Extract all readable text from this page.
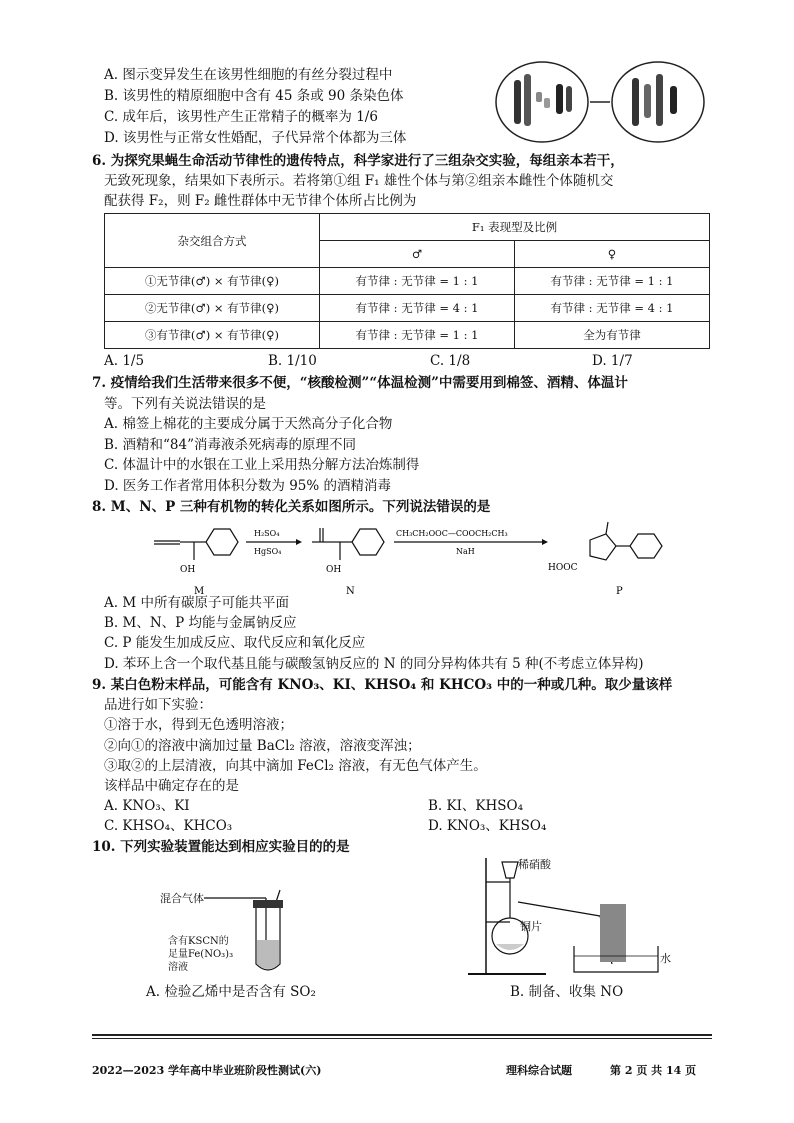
A. 图示变异发生在该男性细胞的有丝分裂过程中
B. 该男性的精原细胞中含有 45 条或 90 条染色体
C. 成年后，该男性产生正常精子的概率为 1/6
D. 该男性与正常女性婚配，子代异常个体都为三体
6. 为探究果蝇生命活动节律性的遗传特点，科学家进行了三组杂交实验，每组亲本若干，
无致死现象，结果如下表所示。若将第①组 F₁ 雄性个体与第②组亲本雌性个体随机交
配获得 F₂，则 F₂ 雌性群体中无节律个体所占比例为
杂交组合方式	F₁ 表现型及比例	
	♂	♀
①无节律(♂) × 有节律(♀)	有节律 : 无节律 = 1 : 1	有节律 : 无节律 = 1 : 1
②无节律(♂) × 有节律(♀)	有节律 : 无节律 = 4 : 1	有节律 : 无节律 = 4 : 1
③有节律(♂) × 有节律(♀)	有节律 : 无节律 = 1 : 1	全为有节律
A. 1/5	B. 1/10	C. 1/8	D. 1/7
7. 疫情给我们生活带来很多不便，“核酸检测”“体温检测”中需要用到棉签、酒精、体温计
等。下列有关说法错误的是
A. 棉签上棉花的主要成分属于天然高分子化合物
B. 酒精和“84”消毒液杀死病毒的原理不同
C. 体温计中的水银在工业上采用热分解方法冶炼制得
D. 医务工作者常用体积分数为 95% 的酒精消毒
8. M、N、P 三种有机物的转化关系如图所示。下列说法错误的是
OH
M
H₂SO₄
HgSO₄
OH
N
CH₃CH₂OOC—COOCH₂CH₃
NaH
HOOC
P
A. M 中所有碳原子可能共平面
B. M、N、P 均能与金属钠反应
C. P 能发生加成反应、取代反应和氧化反应
D. 苯环上含一个取代基且能与碳酸氢钠反应的 N 的同分异构体共有 5 种(不考虑立体异构)
9. 某白色粉末样品，可能含有 KNO₃、KI、KHSO₄ 和 KHCO₃ 中的一种或几种。取少量该样
品进行如下实验：
①溶于水，得到无色透明溶液；
②向①的溶液中滴加过量 BaCl₂ 溶液，溶液变浑浊；
③取②的上层清液，向其中滴加 FeCl₂ 溶液，有无色气体产生。
该样品中确定存在的是
A. KNO₃、KI	B. KI、KHSO₄
C. KHSO₄、KHCO₃	D. KNO₃、KHSO₄
10. 下列实验装置能达到相应实验目的的是
混合气体
含有KSCN的
足量Fe(NO₃)₃
溶液
A. 检验乙烯中是否含有 SO₂
稀硝酸
铜片
水
B. 制备、收集 NO
2022—2023 学年高中毕业班阶段性测试(六)	理科综合试题	第 2 页 共 14 页
